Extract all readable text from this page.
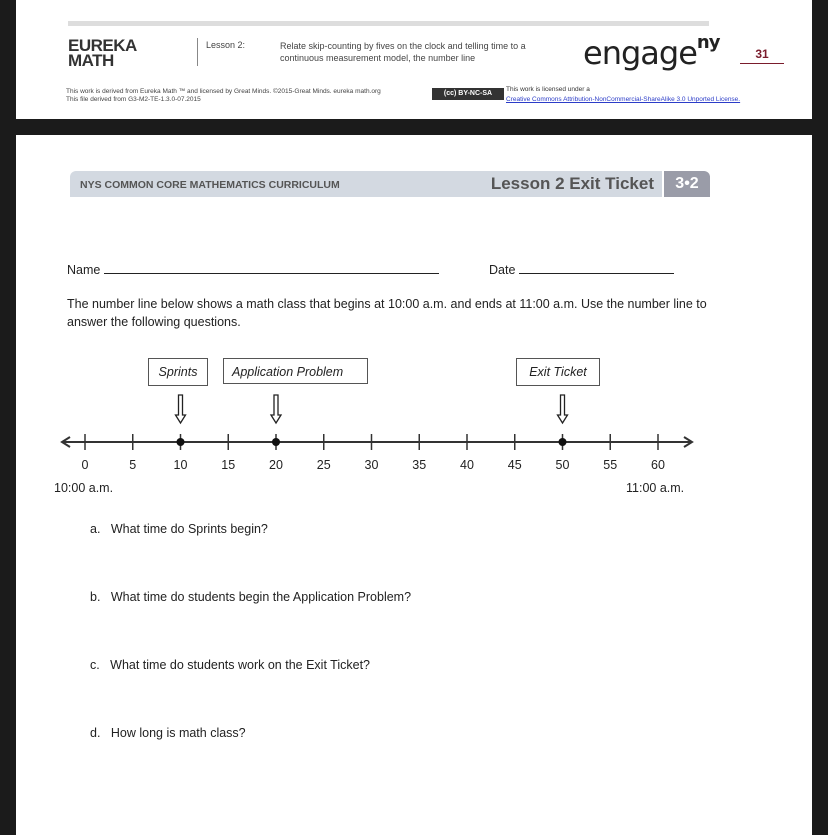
EUREKA
MATH
Lesson 2:	Relate skip-counting by fives on the clock and telling time to a continuous measurement model, the number line	engage$^{ny}$
31
This work is derived from Eureka Math ™ and licensed by Great Minds. ©2015-Great Minds. eureka math.org
This file derived from G3-M2-TE-1.3.0-07.2015
(cc) BY-NC-SA
This work is licensed under a
Creative Commons Attribution-NonCommercial-ShareAlike 3.0 Unported License.
NYS COMMON CORE MATHEMATICS CURRICULUM	Lesson 2 Exit Ticket	3•2
Name	Date
The number line below shows a math class that begins at 10:00 a.m. and ends at 11:00 a.m. Use the number line to answer the following questions.
Sprints	Application Problem	Exit Ticket
0	5	10	15	20	25	30	35	40	45	50	55	60
10:00 a.m.	11:00 a.m.
a. What time do Sprints begin?
b. What time do students begin the Application Problem?
c. What time do students work on the Exit Ticket?
d. How long is math class?
